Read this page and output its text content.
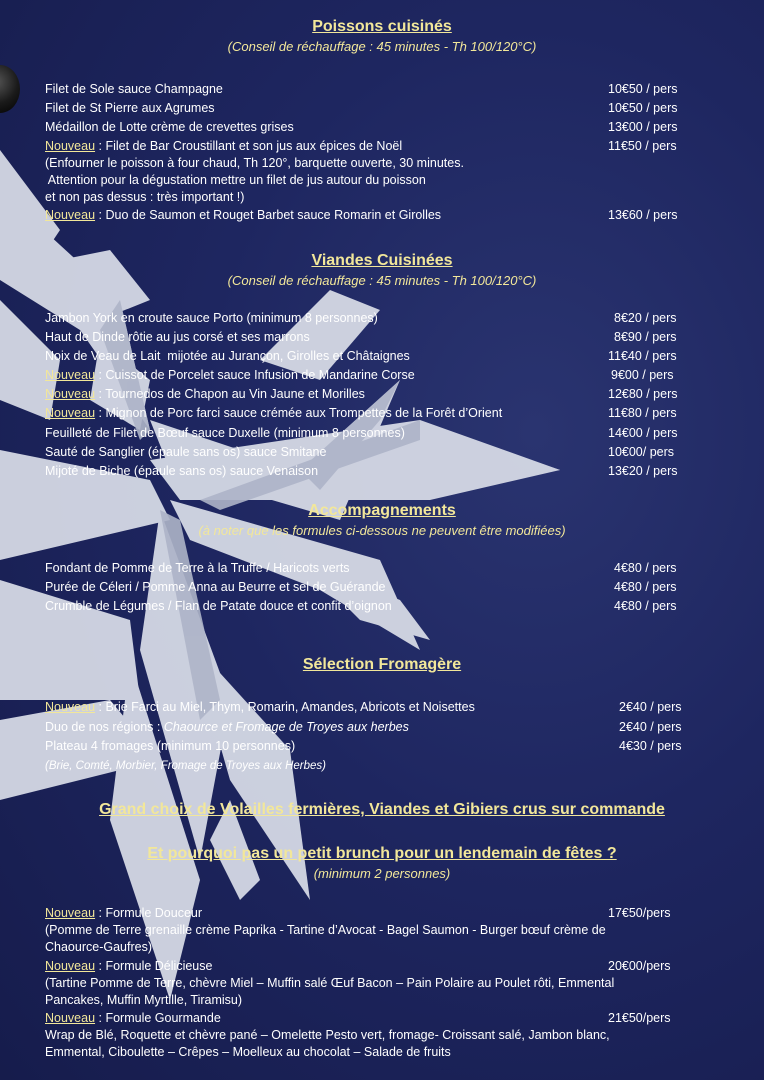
Poissons cuisinés
(Conseil de réchauffage : 45 minutes - Th 100/120°C)
Filet de Sole sauce Champagne	10€50 / pers
Filet de St Pierre aux Agrumes	10€50 / pers
Médaillon de Lotte crème de crevettes grises	13€00 / pers
Nouveau : Filet de Bar Croustillant et son jus aux épices de Noël	11€50 / pers
(Enfourner le poisson à four chaud, Th 120°, barquette ouverte, 30 minutes.
Attention pour la dégustation mettre un filet de jus autour du poisson
et non pas dessus : très important !)
Nouveau : Duo de Saumon et Rouget Barbet sauce Romarin et Girolles	13€60 / pers
Viandes Cuisinées
(Conseil de réchauffage : 45 minutes - Th 100/120°C)
Jambon York en croute sauce Porto (minimum 8 personnes)	8€20 / pers
Haut de Dinde rôtie au jus corsé et ses marrons	8€90 / pers
Noix de Veau de Lait  mijotée au Jurançon, Girolles et Châtaignes	11€40 / pers
Nouveau : Cuissot de Porcelet sauce Infusion de Mandarine Corse	9€00 / pers
Nouveau : Tournedos de Chapon au Vin Jaune et Morilles	12€80 / pers
Nouveau : Mignon de Porc farci sauce crémée aux Trompettes de la Forêt d’Orient	11€80 / pers
Feuilleté de Filet de Bœuf sauce Duxelle (minimum 8 personnes)	14€00 / pers
Sauté de Sanglier (épaule sans os) sauce Smitane	10€00/ pers
Mijoté de Biche (épaule sans os) sauce Venaison	13€20 / pers
Accompagnements
(à noter que les formules ci-dessous ne peuvent être modifiées)
Fondant de Pomme de Terre à la Truffe / Haricots verts	4€80 / pers
Purée de Céleri / Pomme Anna au Beurre et sel de Guérande	4€80 / pers
Crumble de Légumes / Flan de Patate douce et confit d’oignon	4€80 / pers
Sélection Fromagère
Nouveau : Brie Farci au Miel, Thym, Romarin, Amandes, Abricots et Noisettes	2€40 / pers
Duo de nos régions : Chaource et Fromage de Troyes aux herbes	2€40 / pers
Plateau 4 fromages (minimum 10 personnes)	4€30 / pers
(Brie, Comté, Morbier, Fromage de Troyes aux Herbes)
Grand choix de Volailles fermières, Viandes et Gibiers crus sur commande
Et pourquoi pas un petit brunch pour un lendemain de fêtes ?
(minimum 2 personnes)
Nouveau : Formule Douceur	17€50/pers
(Pomme de Terre grenaille crème Paprika - Tartine d’Avocat - Bagel Saumon - Burger bœuf crème de
Chaource-Gaufres)
Nouveau : Formule Délicieuse	20€00/pers
(Tartine Pomme de Terre, chèvre Miel – Muffin salé Œuf Bacon – Pain Polaire au Poulet rôti, Emmental
Pancakes, Muffin Myrtille, Tiramisu)
Nouveau : Formule Gourmande	21€50/pers
Wrap de Blé, Roquette et chèvre pané – Omelette Pesto vert, fromage- Croissant salé, Jambon blanc,
Emmental, Ciboulette – Crêpes – Moelleux au chocolat – Salade de fruits
